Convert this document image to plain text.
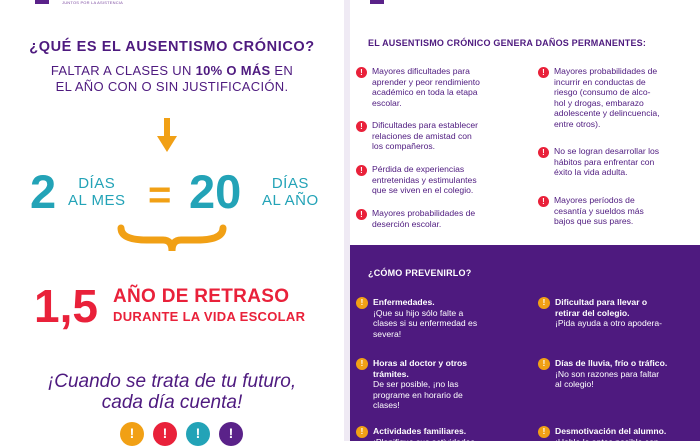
JUNTOS POR LA ASISTENCIA
¿QUÉ ES EL AUSENTISMO CRÓNICO?
FALTAR A CLASES UN 10% O MÁS EN
EL AÑO CON O SIN JUSTIFICACIÓN.
2	DÍAS
AL MES = 20	DÍAS
AL AÑO
1,5 AÑO DE RETRASO
DURANTE LA VIDA ESCOLAR
¡Cuando se trata de tu futuro,
cada día cuenta!
!	!	!	!
EL AUSENTISMO CRÓNICO GENERA DAÑOS PERMANENTES:
!	Mayores dificultades para
aprender y peor rendimiento
académico en toda la etapa
escolar.
!	Dificultades para establecer
relaciones de amistad con
los compañeros.
!	Pérdida de experiencias
entretenidas y estimulantes
que se viven en el colegio.
!	Mayores probabilidades de
deserción escolar.
!	Mayores probabilidades de
incurrir en conductas de
riesgo (consumo de alco-
hol y drogas, embarazo
adolescente y delincuencia,
entre otros).
!	No se logran desarrollar los
hábitos para enfrentar con
éxito la vida adulta.
!	Mayores períodos de
cesantía y sueldos más
bajos que sus pares.
¿CÓMO PREVENIRLO?
!	Enfermedades.
¡Que su hijo sólo falte a
clases si su enfermedad es
severa!
!	Horas al doctor y otros
trámites.
De ser posible, ¡no las
programe en horario de
clases!
!	Actividades familiares.
¡Planifique sus actividades
!	Dificultad para llevar o
retirar del colegio.
¡Pida ayuda a otro apodera-
!	Días de lluvia, frío o tráfico.
¡No son razones para faltar
al colegio!
!	Desmotivación del alumno.
¡Hable lo antes posible con
